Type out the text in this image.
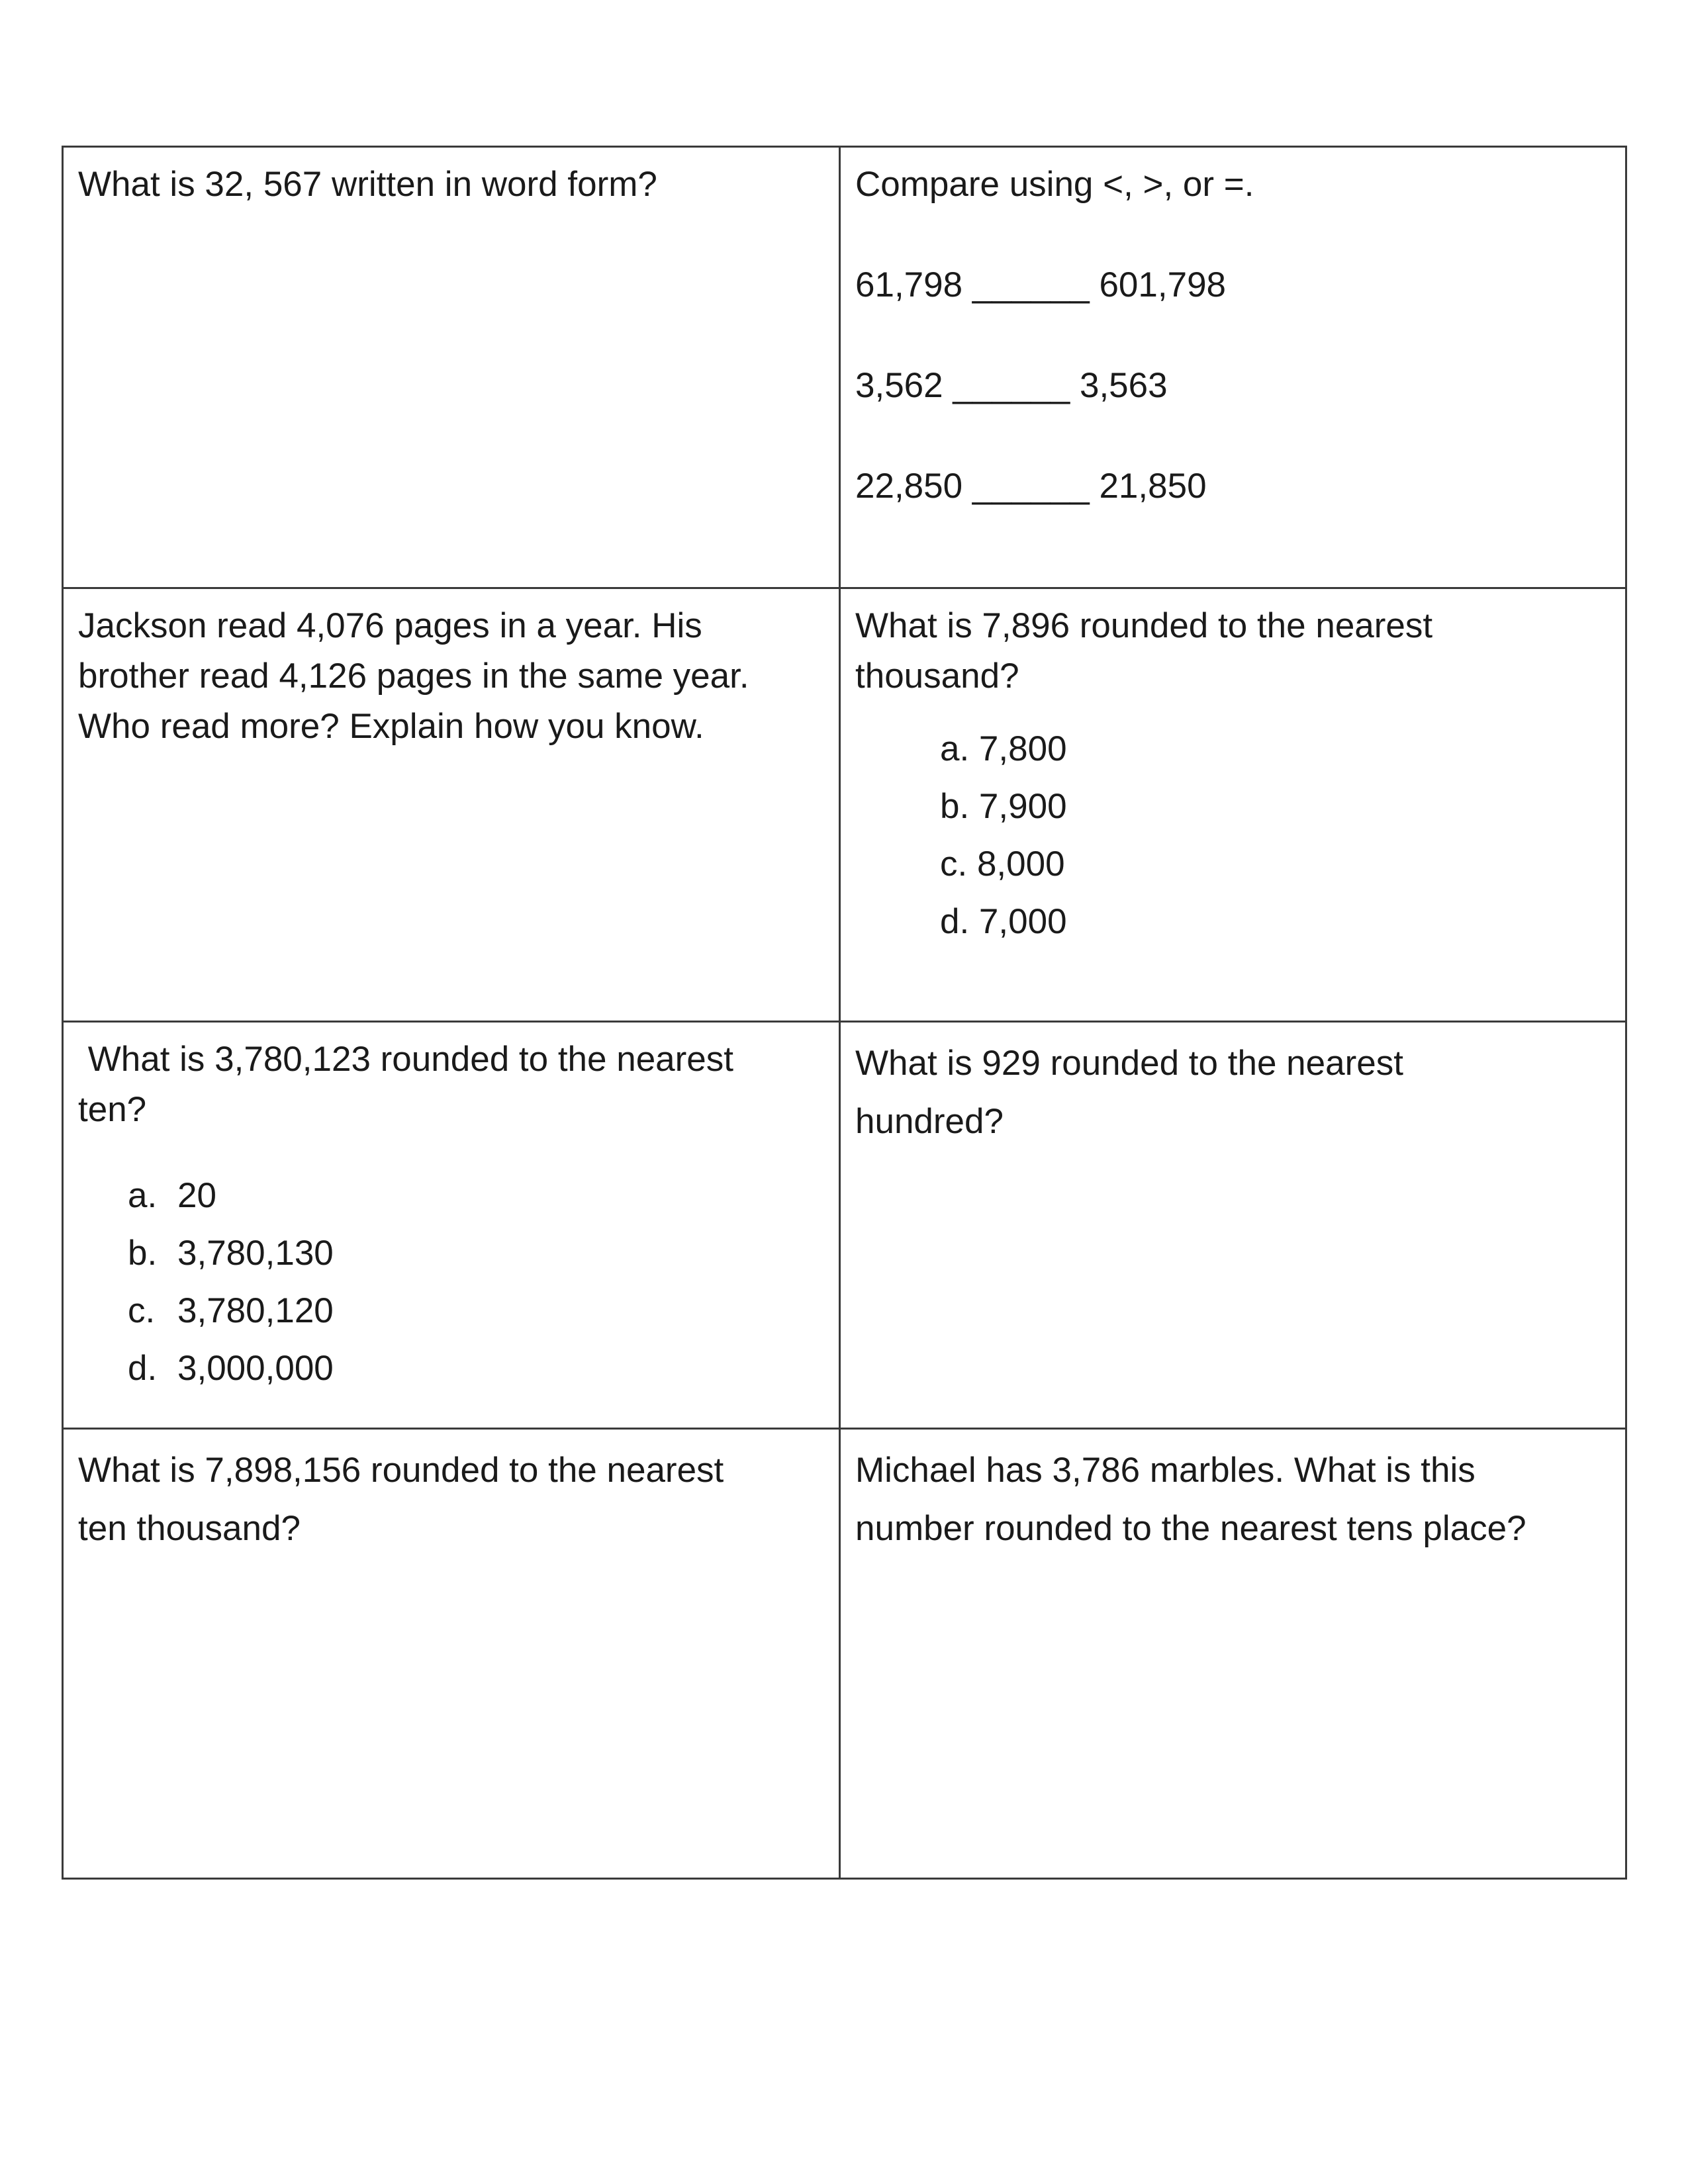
What is 32, 567 written in word form?	Compare using <, >, or =.

61,798 ______ 601,798
3,562 ______ 3,563
22,850 ______ 21,850
Jackson read 4,076 pages in a year. His
brother read 4,126 pages in the same year.
Who read more? Explain how you know.
What is 7,896 rounded to the nearest
thousand?
a. 7,800
b. 7,900
c. 8,000
d. 7,000
What is 3,780,123 rounded to the nearest
ten?
a. 20
b. 3,780,130
c. 3,780,120
d. 3,000,000
What is 929 rounded to the nearest
hundred?
What is 7,898,156 rounded to the nearest
ten thousand?
Michael has 3,786 marbles. What is this
number rounded to the nearest tens place?
